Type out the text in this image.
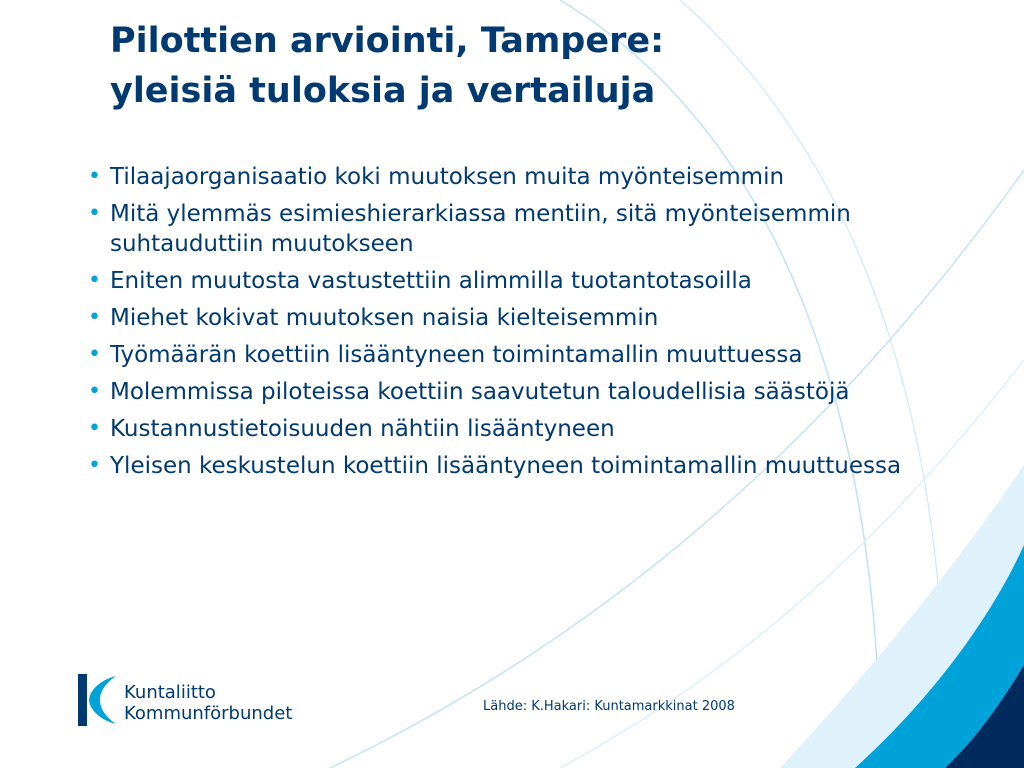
Pilottien arviointi, Tampere:
yleisiä tuloksia ja vertailuja
• Tilaajaorganisaatio koki muutoksen muita myönteisemmin
• Mitä ylemmäs esimieshierarkiassa mentiin, sitä myönteisemmin suhtauduttiin muutokseen
• Eniten muutosta vastustettiin alimmilla tuotantotasoilla
• Miehet kokivat muutoksen naisia kielteisemmin
• Työmäärän koettiin lisääntyneen toimintamallin muuttuessa
• Molemmissa piloteissa koettiin saavutetun taloudellisia säästöjä
• Kustannustietoisuuden nähtiin lisääntyneen
• Yleisen keskustelun koettiin lisääntyneen toimintamallin muuttuessa
Kuntaliitto
Kommunförbundet	Lähde: K.Hakari: Kuntamarkkinat 2008
